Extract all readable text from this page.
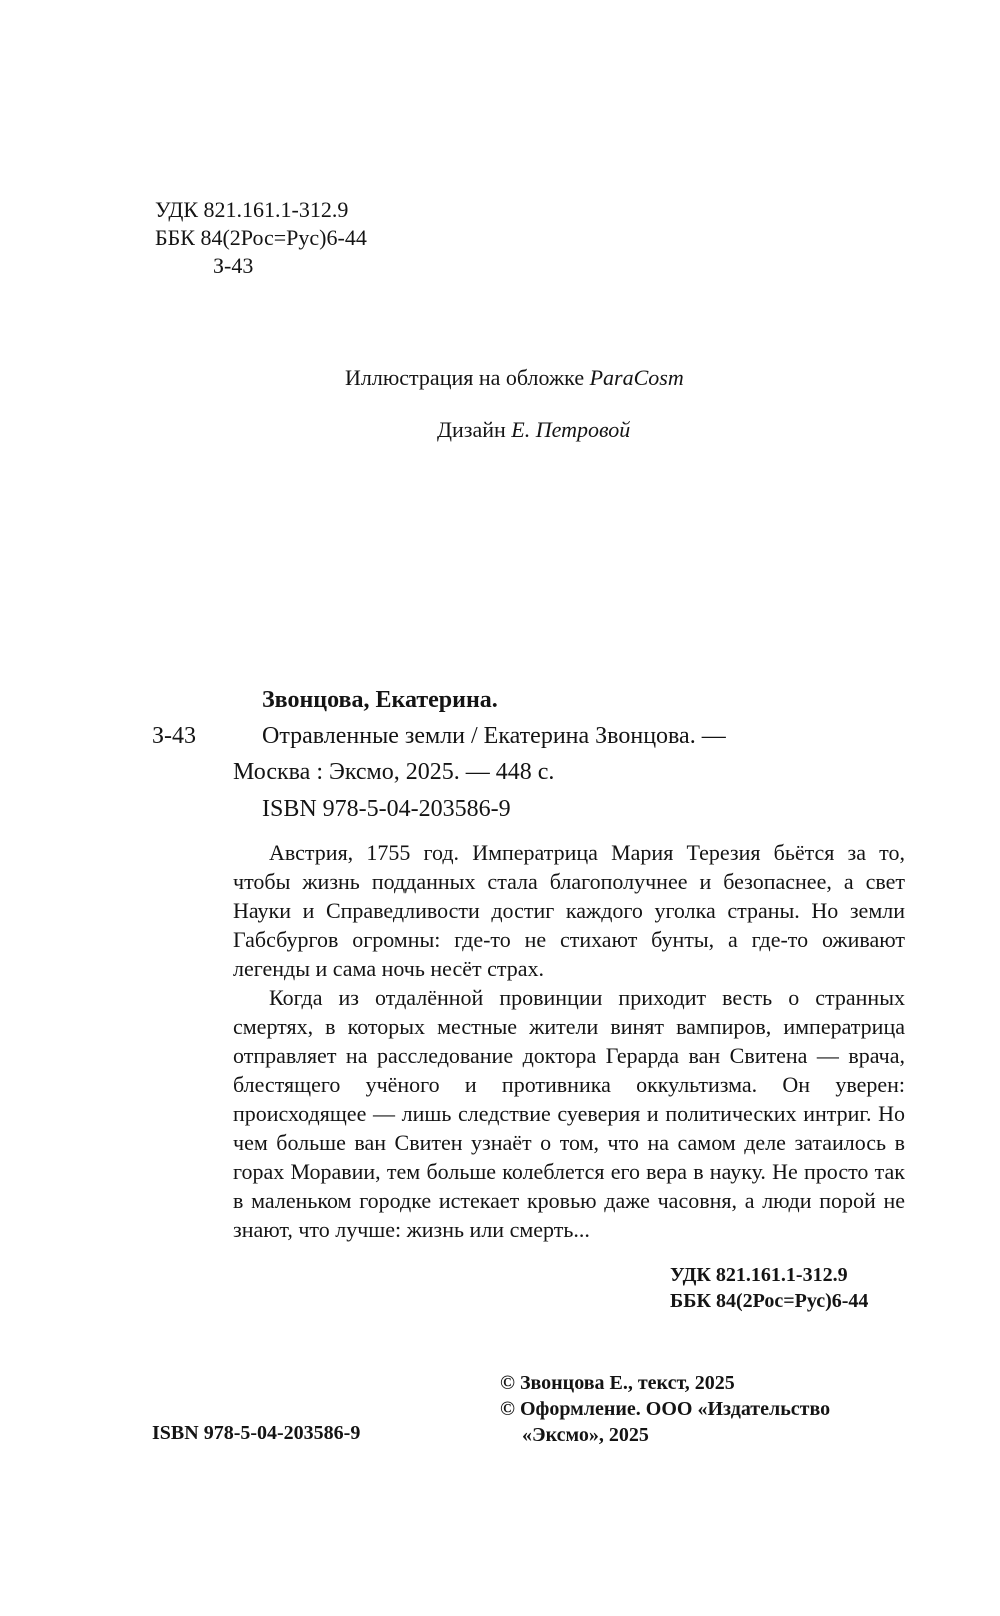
УДК 821.161.1-312.9
ББК 84(2Рос=Рус)6-44
З-43
Иллюстрация на обложке ParaCosm
Дизайн Е. Петровой
Звонцова, Екатерина.
З-43	Отравленные земли / Екатерина Звонцова. —
Москва : Эксмо, 2025. — 448 с.
ISBN 978-5-04-203586-9

Австрия, 1755 год. Императрица Мария Терезия бьётся за то, чтобы жизнь подданных стала благополучнее и безопаснее, а свет Науки и Справедливости достиг каждого уголка страны. Но земли Габсбургов огромны: где-то не стихают бунты, а где-то оживают легенды и сама ночь несёт страх.

Когда из отдалённой провинции приходит весть о странных смертях, в которых местные жители винят вампиров, императрица отправляет на расследование доктора Герарда ван Свитена — врача, блестящего учёного и противника оккультизма. Он уверен: происходящее — лишь следствие суеверия и политических интриг. Но чем больше ван Свитен узнаёт о том, что на самом деле затаилось в горах Моравии, тем больше колеблется его вера в науку. Не просто так в маленьком городке истекает кровью даже часовня, а люди порой не знают, что лучше: жизнь или смерть...

УДК 821.161.1-312.9
ББК 84(2Рос=Рус)6-44
ISBN 978-5-04-203586-9
© Звонцова Е., текст, 2025
© Оформление. ООО «Издательство
«Эксмо», 2025
